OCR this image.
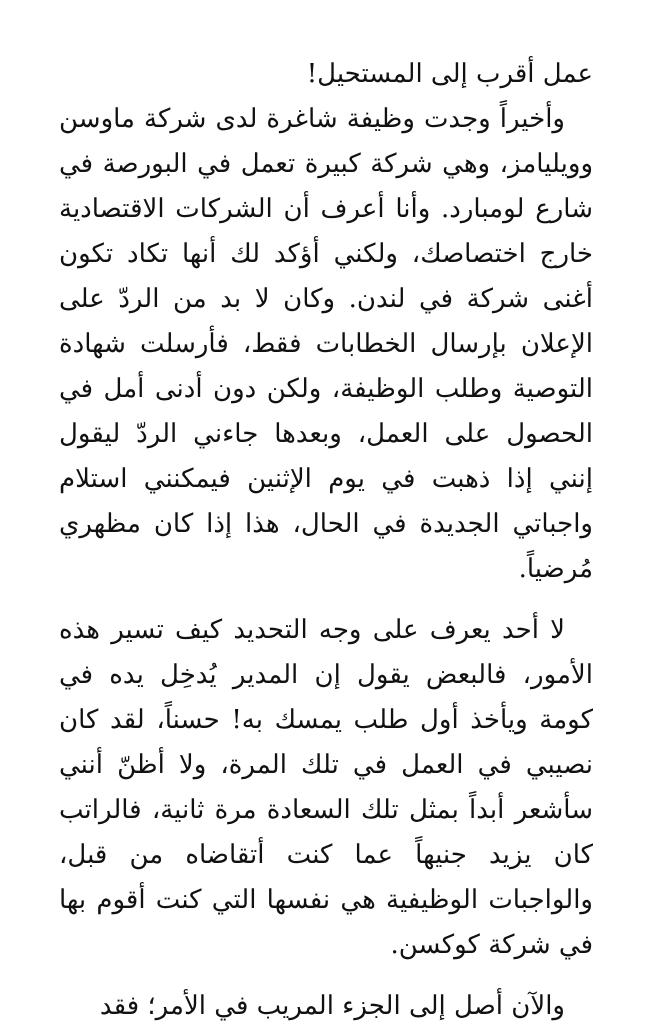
عمل أقرب إلى المستحيل!

وأخيراً وجدت وظيفة شاغرة لدى شركة ماوسن وويليامز، وهي شركة كبيرة تعمل في البورصة في شارع لومبارد. وأنا أعرف أن الشركات الاقتصادية خارج اختصاصك، ولكني أؤكد لك أنها تكاد تكون أغنى شركة في لندن. وكان لا بد من الردّ على الإعلان بإرسال الخطابات فقط، فأرسلت شهادة التوصية وطلب الوظيفة، ولكن دون أدنى أمل في الحصول على العمل، وبعدها جاءني الردّ ليقول إنني إذا ذهبت في يوم الإثنين فيمكنني استلام واجباتي الجديدة في الحال، هذا إذا كان مظهري مُرضياً.

لا أحد يعرف على وجه التحديد كيف تسير هذه الأمور، فالبعض يقول إن المدير يُدخِل يده في كومة ويأخذ أول طلب يمسك به! حسناً، لقد كان نصيبي في العمل في تلك المرة، ولا أظنّ أنني سأشعر أبداً بمثل تلك السعادة مرة ثانية، فالراتب كان يزيد جنيهاً عما كنت أتقاضاه من قبل، والواجبات الوظيفية هي نفسها التي كنت أقوم بها في شركة كوكسن.

والآن أصل إلى الجزء المريب في الأمر؛ فقد
